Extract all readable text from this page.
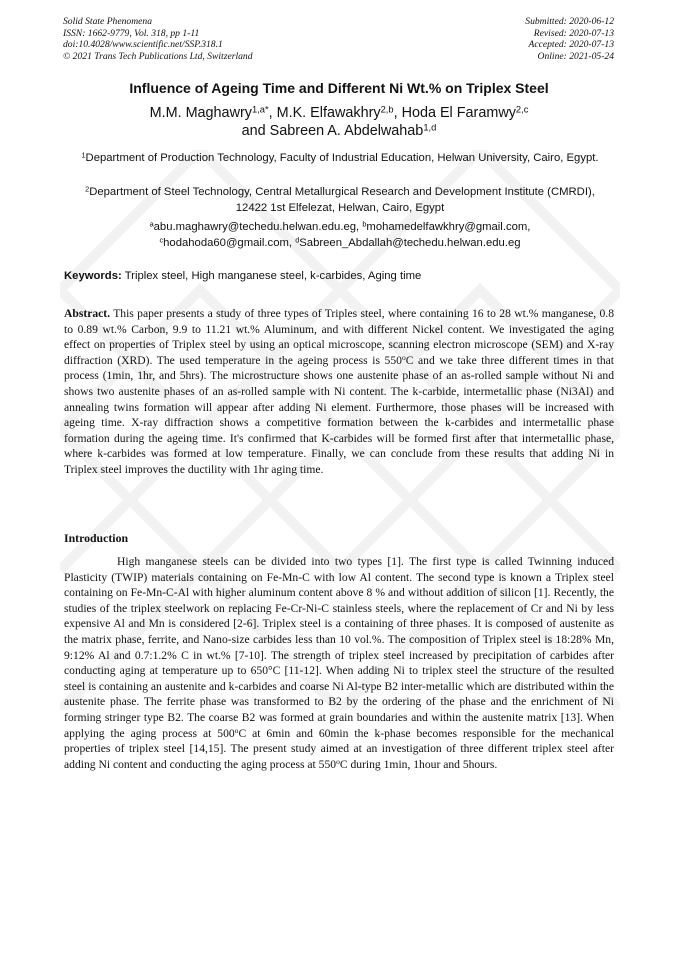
Solid State Phenomena
ISSN: 1662-9779, Vol. 318, pp 1-11
doi:10.4028/www.scientific.net/SSP.318.1
© 2021 Trans Tech Publications Ltd, Switzerland
Submitted: 2020-06-12
Revised: 2020-07-13
Accepted: 2020-07-13
Online: 2021-05-24
Influence of Ageing Time and Different Ni Wt.% on Triplex Steel
M.M. Maghawry$^{1,a*}$, M.K. Elfawakhry$^{2,b}$, Hoda El Faramwy$^{2,c}$
and Sabreen A. Abdelwahab$^{1,d}$
$^1$Department of Production Technology, Faculty of Industrial Education, Helwan University, Cairo, Egypt.
$^2$Department of Steel Technology, Central Metallurgical Research and Development Institute (CMRDI), 12422 1st Elfelezat, Helwan, Cairo, Egypt
$^a$abu.maghawry@techedu.helwan.edu.eg, $^b$mohamedelfawkhry@gmail.com,
$^c$hodahoda60@gmail.com, $^d$Sabreen_Abdallah@techedu.helwan.edu.eg
Keywords: Triplex steel, High manganese steel, k-carbides, Aging time
Abstract. This paper presents a study of three types of Triples steel, where containing 16 to 28 wt.% manganese, 0.8 to 0.89 wt.% Carbon, 9.9 to 11.21 wt.% Aluminum, and with different Nickel content. We investigated the aging effect on properties of Triplex steel by using an optical microscope, scanning electron microscope (SEM) and X-ray diffraction (XRD). The used temperature in the ageing process is 550$^o$C and we take three different times in that process (1min, 1hr, and 5hrs). The microstructure shows one austenite phase of an as-rolled sample without Ni and shows two austenite phases of an as-rolled sample with Ni content. The k-carbide, intermetallic phase (Ni3Al) and annealing twins formation will appear after adding Ni element. Furthermore, those phases will be increased with ageing time. X-ray diffraction shows a competitive formation between the k-carbides and intermetallic phase formation during the ageing time. It's confirmed that K-carbides will be formed first after that intermetallic phase, where k-carbides was formed at low temperature. Finally, we can conclude from these results that adding Ni in Triplex steel improves the ductility with 1hr aging time.
Introduction
High manganese steels can be divided into two types [1]. The first type is called Twinning induced Plasticity (TWIP) materials containing on Fe-Mn-C with low Al content. The second type is known a Triplex steel containing on Fe-Mn-C-Al with higher aluminum content above 8 % and without addition of silicon [1]. Recently, the studies of the triplex steelwork on replacing Fe-Cr-Ni-C stainless steels, where the replacement of Cr and Ni by less expensive Al and Mn is considered [2-6]. Triplex steel is a containing of three phases. It is composed of austenite as the matrix phase, ferrite, and Nano-size carbides less than 10 vol.%. The composition of Triplex steel is 18:28% Mn, 9:12% Al and 0.7:1.2% C in wt.% [7-10]. The strength of triplex steel increased by precipitation of carbides after conducting aging at temperature up to 650°C [11-12]. When adding Ni to triplex steel the structure of the resulted steel is containing an austenite and k-carbides and coarse Ni Al-type B2 inter-metallic which are distributed within the austenite phase. The ferrite phase was transformed to B2 by the ordering of the phase and the enrichment of Ni forming stringer type B2. The coarse B2 was formed at grain boundaries and within the austenite matrix [13]. When applying the aging process at 500$^o$C at 6min and 60min the k-phase becomes responsible for the mechanical properties of triplex steel [14,15]. The present study aimed at an investigation of three different triplex steel after adding Ni content and conducting the aging process at 550$^o$C during 1min, 1hour and 5hours.
